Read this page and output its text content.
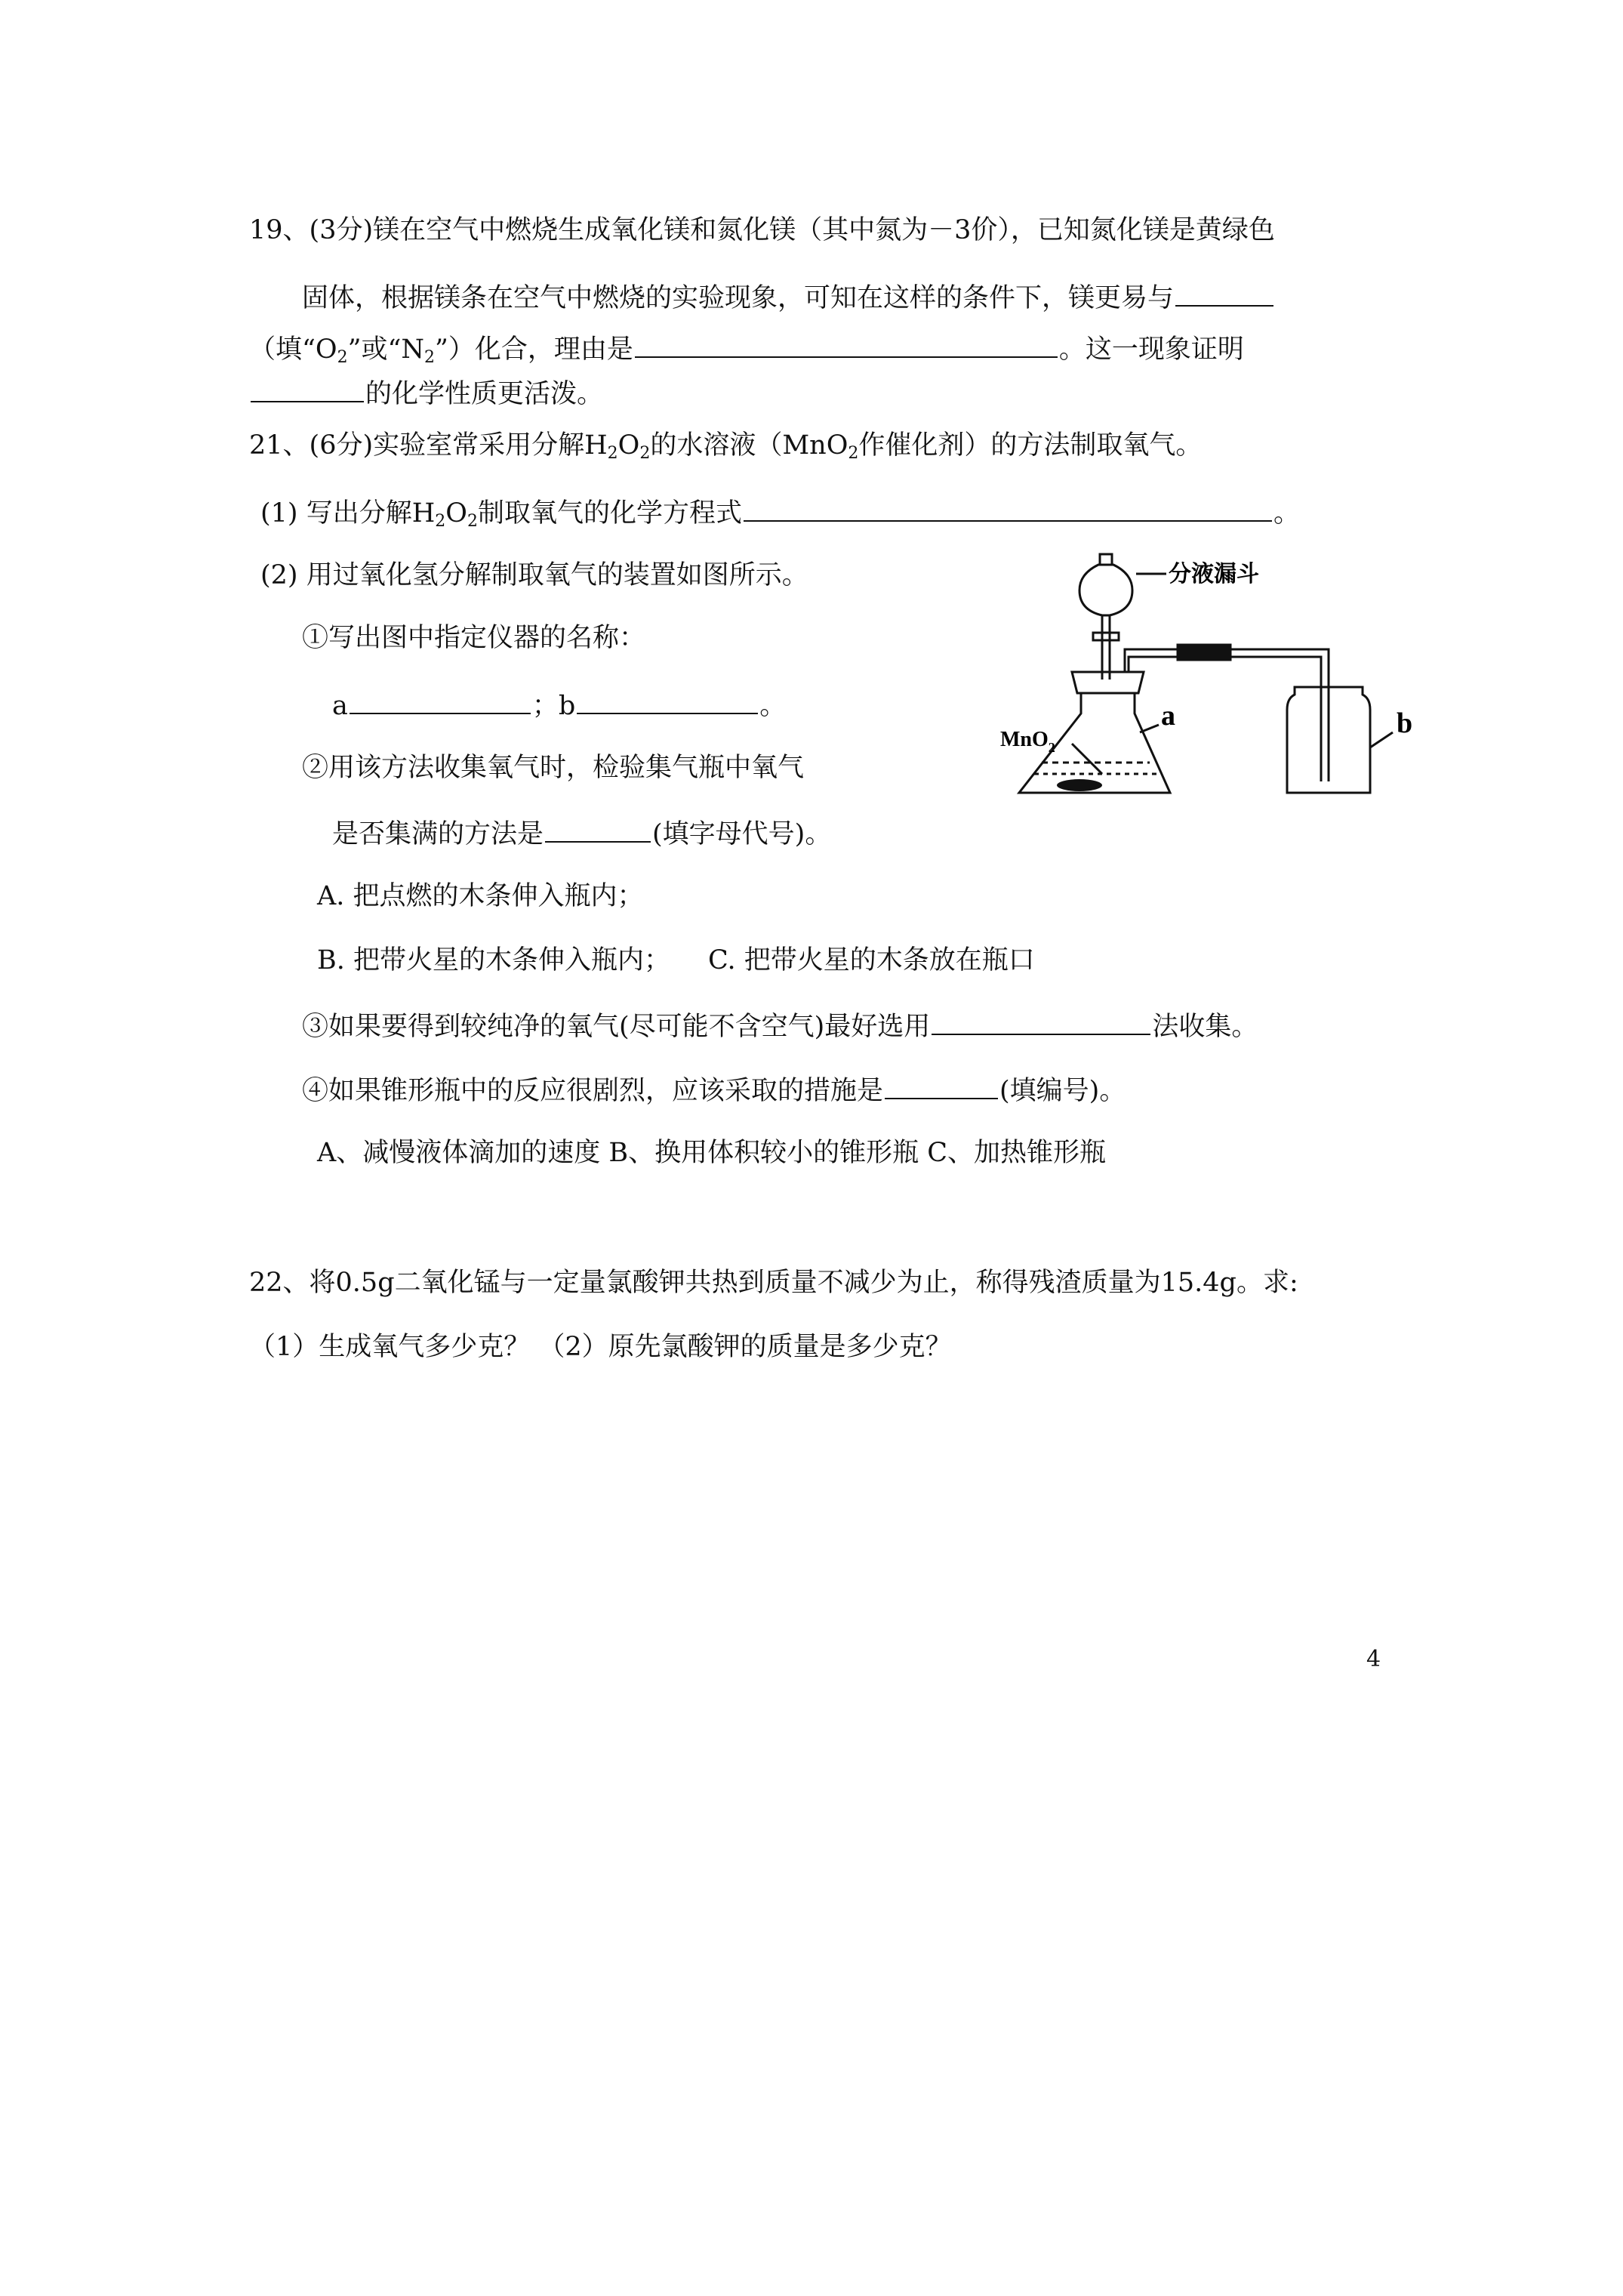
19、(3分)镁在空气中燃烧生成氧化镁和氮化镁（其中氮为－3价），已知氮化镁是黄绿色
固体，根据镁条在空气中燃烧的实验现象，可知在这样的条件下，镁更易与
（填“$O_2$”或“$N_2$”）化合，理由是	。这一现象证明
的化学性质更活泼。
21、(6分)实验室常采用分解$H_2O_2$的水溶液（MnO$_2$作催化剂）的方法制取氧气。
(1) 写出分解$H_2O_2$制取氧气的化学方程式	。
(2) 用过氧化氢分解制取氧气的装置如图所示。
①写出图中指定仪器的名称：
a	；b	。
②用该方法收集氧气时，检验集气瓶中氧气
是否集满的方法是	(填字母代号)。
A. 把点燃的木条伸入瓶内；
B. 把带火星的木条伸入瓶内； C. 把带火星的木条放在瓶口
③如果要得到较纯净的氧气(尽可能不含空气)最好选用	法收集。
④如果锥形瓶中的反应很剧烈，应该采取的措施是	(填编号)。
A、减慢液体滴加的速度 B、换用体积较小的锥形瓶 C、加热锥形瓶
分液漏斗
MnO$_2$
a	b
22、将0.5g二氧化锰与一定量氯酸钾共热到质量不减少为止，称得残渣质量为15.4g。求:
（1）生成氧气多少克？ （2）原先氯酸钾的质量是多少克？
4
